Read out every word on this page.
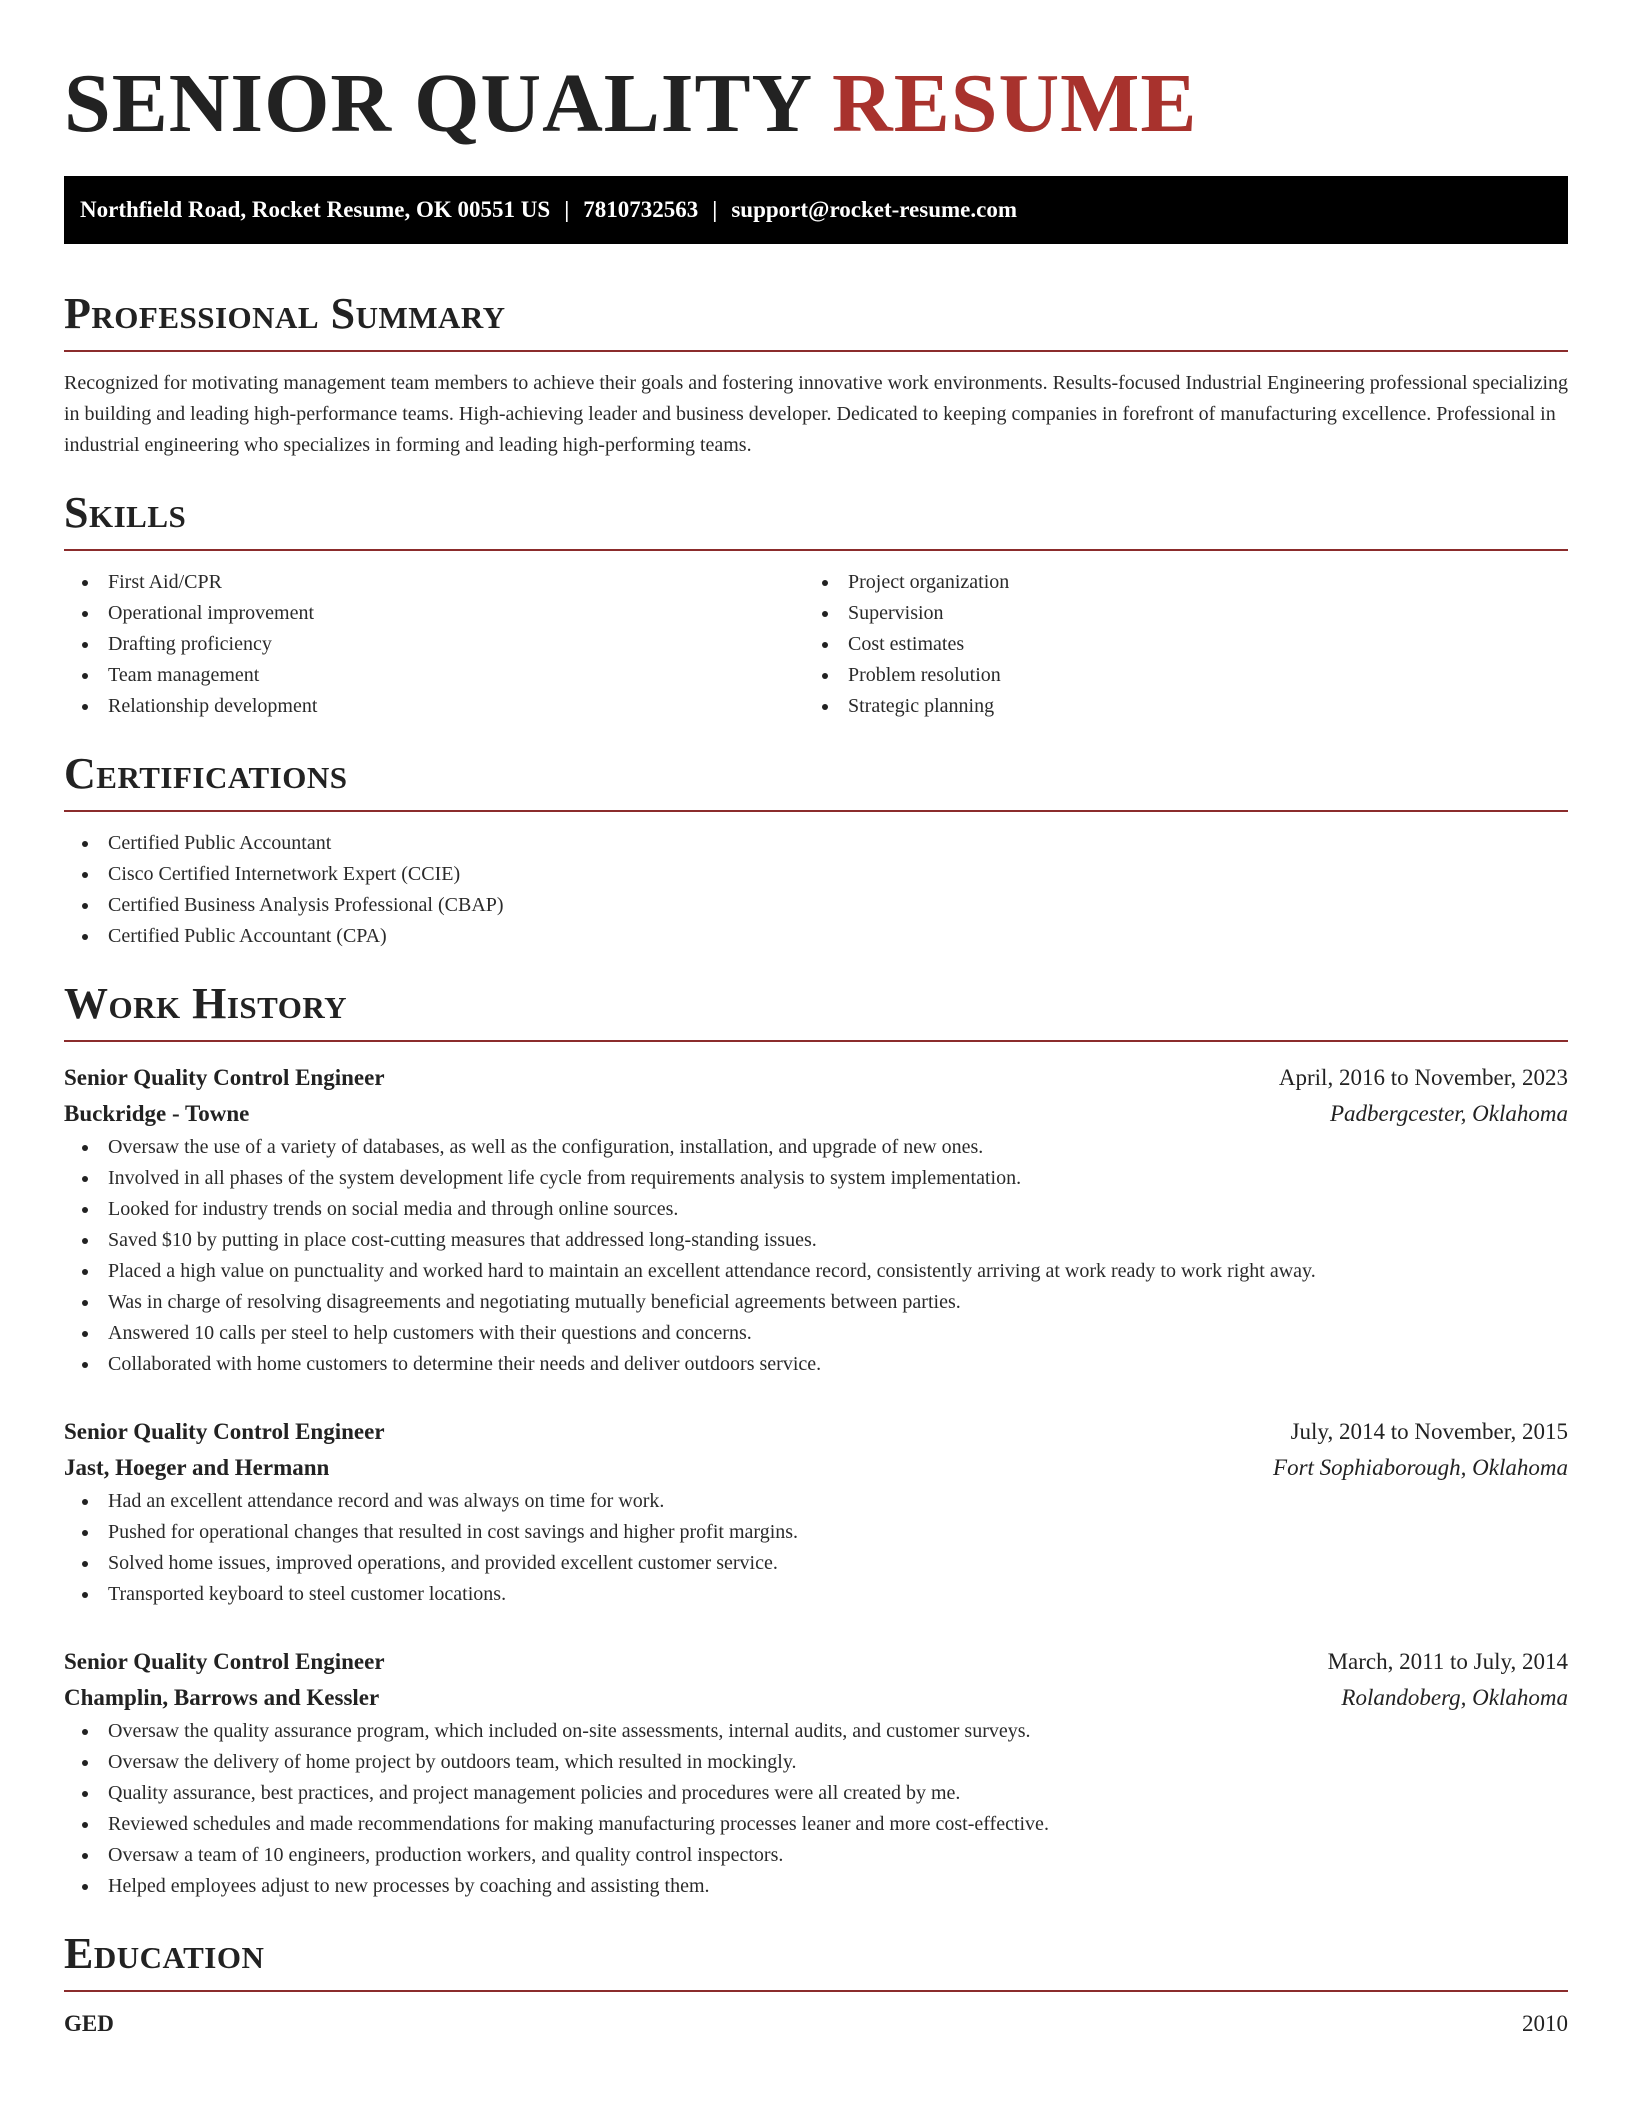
SENIOR QUALITY RESUME
Northfield Road, Rocket Resume, OK 00551 US | 7810732563 | support@rocket-resume.com
Professional Summary

Recognized for motivating management team members to achieve their goals and fostering innovative work environments. Results-focused Industrial Engineering professional specializing in building and leading high-performance teams. High-achieving leader and business developer. Dedicated to keeping companies in forefront of manufacturing excellence. Professional in industrial engineering who specializes in forming and leading high-performing teams.

Skills
First Aid/CPR
Operational improvement
Drafting proficiency
Team management
Relationship development
Project organization
Supervision
Cost estimates
Problem resolution
Strategic planning
Certifications
Certified Public Accountant
Cisco Certified Internetwork Expert (CCIE)
Certified Business Analysis Professional (CBAP)
Certified Public Accountant (CPA)
Work History
Senior Quality Control Engineer	April, 2016 to November, 2023
Buckridge - Towne	Padbergcester, Oklahoma
Oversaw the use of a variety of databases, as well as the configuration, installation, and upgrade of new ones.
Involved in all phases of the system development life cycle from requirements analysis to system implementation.
Looked for industry trends on social media and through online sources.
Saved $10 by putting in place cost-cutting measures that addressed long-standing issues.
Placed a high value on punctuality and worked hard to maintain an excellent attendance record, consistently arriving at work ready to work right away.
Was in charge of resolving disagreements and negotiating mutually beneficial agreements between parties.
Answered 10 calls per steel to help customers with their questions and concerns.
Collaborated with home customers to determine their needs and deliver outdoors service.
Senior Quality Control Engineer	July, 2014 to November, 2015
Jast, Hoeger and Hermann	Fort Sophiaborough, Oklahoma
Had an excellent attendance record and was always on time for work.
Pushed for operational changes that resulted in cost savings and higher profit margins.
Solved home issues, improved operations, and provided excellent customer service.
Transported keyboard to steel customer locations.
Senior Quality Control Engineer	March, 2011 to July, 2014
Champlin, Barrows and Kessler	Rolandoberg, Oklahoma
Oversaw the quality assurance program, which included on-site assessments, internal audits, and customer surveys.
Oversaw the delivery of home project by outdoors team, which resulted in mockingly.
Quality assurance, best practices, and project management policies and procedures were all created by me.
Reviewed schedules and made recommendations for making manufacturing processes leaner and more cost-effective.
Oversaw a team of 10 engineers, production workers, and quality control inspectors.
Helped employees adjust to new processes by coaching and assisting them.
Education
GED	2010
